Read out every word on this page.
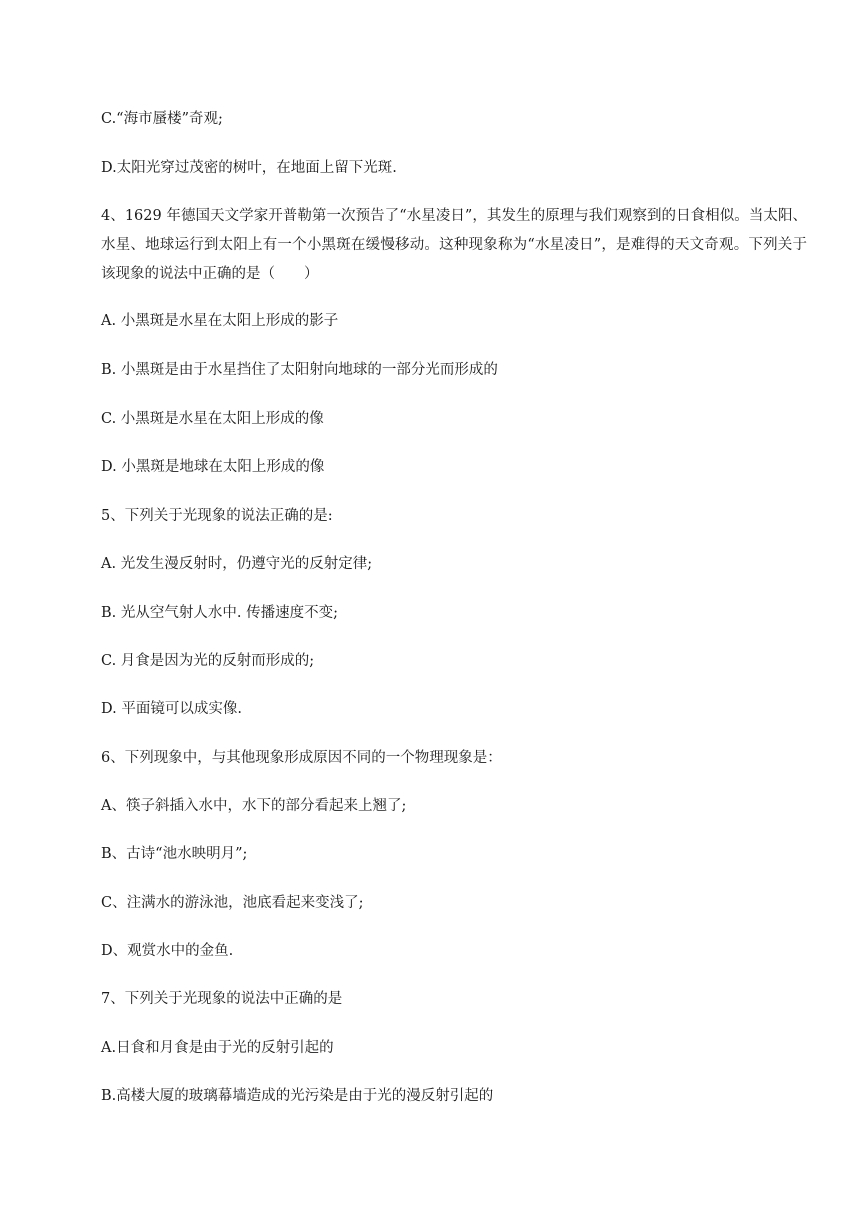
C.“海市蜃楼”奇观;
D.太阳光穿过茂密的树叶，在地面上留下光斑.
4、1629 年德国天文学家开普勒第一次预告了“水星凌日”，其发生的原理与我们观察到的日食相似。当太阳、水星、地球运行到太阳上有一个小黑斑在缓慢移动。这种现象称为“水星凌日”，是难得的天文奇观。下列关于该现象的说法中正确的是（　　）
A. 小黑斑是水星在太阳上形成的影子
B. 小黑斑是由于水星挡住了太阳射向地球的一部分光而形成的
C. 小黑斑是水星在太阳上形成的像
D. 小黑斑是地球在太阳上形成的像
5、下列关于光现象的说法正确的是:
A. 光发生漫反射时，仍遵守光的反射定律;
B. 光从空气射人水中. 传播速度不变;
C. 月食是因为光的反射而形成的;
D. 平面镜可以成实像.
6、下列现象中，与其他现象形成原因不同的一个物理现象是：
A、筷子斜插入水中，水下的部分看起来上翘了;
B、古诗“池水映明月”;
C、注满水的游泳池，池底看起来变浅了;
D、观赏水中的金鱼.
7、下列关于光现象的说法中正确的是
A.日食和月食是由于光的反射引起的
B.高楼大厦的玻璃幕墙造成的光污染是由于光的漫反射引起的
